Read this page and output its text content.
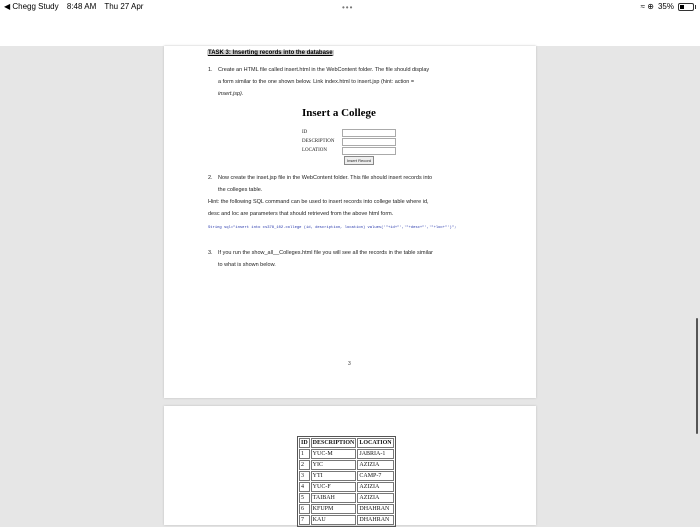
◀ Chegg Study 8:48 AM Thu 27 Apr	•••	≈ ⊕ 35%
TASK 3: Inserting records into the database
1. Create an HTML file called insert.html in the WebContent folder. The file should display
a form similar to the one shown below. Link index.html to insert.jsp (hint: action =
insert.jsp).
Insert a College
ID
DESCRIPTION
LOCATION
Insert Record
2. Now create the inset.jsp file in the WebContent folder. This file should insert records into
the colleges table.
Hint: the following SQL command can be used to insert records into college table where id,
desc and loc are parameters that should retrieved from the above html form.
String sql="insert into cs378_102.college (id, description, location) values('"+id+"','"+desc+"','"+loc+"')";
3. If you run the show_all__Colleges.html file you will see all the records in the table similar
to what is shown below.
3
ID	DESCRIPTION	LOCATION
1	YUC-M	JABRIA-1
2	YIC	AZIZIA
3	YTI	CAMP-7
4	YUC-F	AZIZIA
5	TAIBAH	AZIZIA
6	KFUPM	DHAHRAN
7	KAU	DHAHRAN
